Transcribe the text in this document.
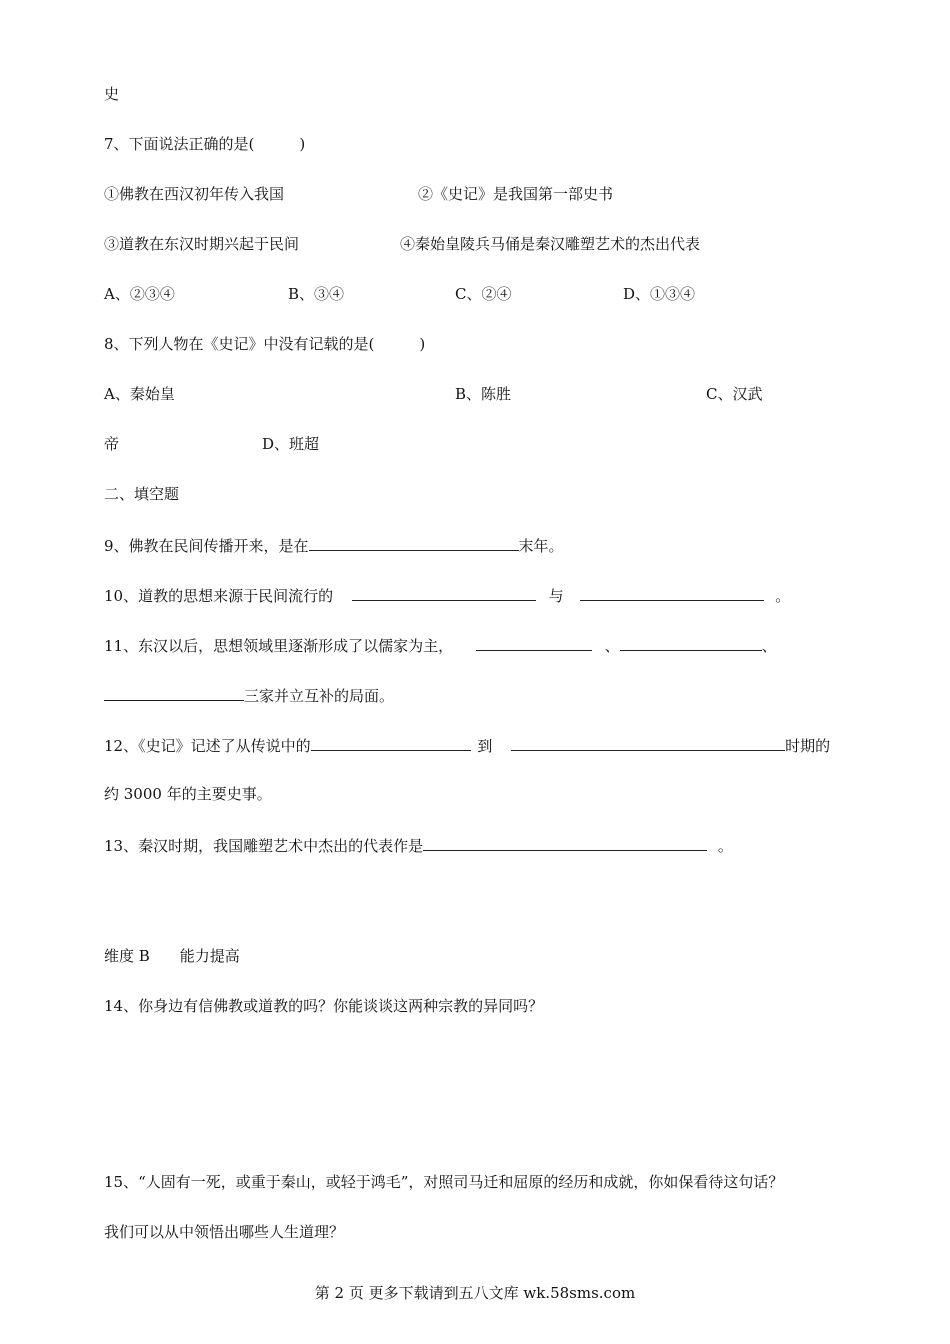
史
7、下面说法正确的是(　　　)
①佛教在西汉初年传入我国	②《史记》是我国第一部史书
③道教在东汉时期兴起于民间	④秦始皇陵兵马俑是秦汉雕塑艺术的杰出代表
A、②③④	B、③④	C、②④	D、①③④
8、下列人物在《史记》中没有记载的是(　　　)
A、秦始皇	B、陈胜	C、汉武
帝	D、班超
二、填空题
9、佛教在民间传播开来，是在	末年。
10、道教的思想来源于民间流行的	与	。
11、东汉以后，思想领域里逐渐形成了以儒家为主，	、	、
三家并立互补的局面。
12、《史记》记述了从传说中的	到	时期的
约 3000 年的主要史事。
13、秦汉时期，我国雕塑艺术中杰出的代表作是	。
维度 B　　能力提高
14、你身边有信佛教或道教的吗？你能谈谈这两种宗教的异同吗？
15、“人固有一死，或重于秦山，或轻于鸿毛”，对照司马迁和屈原的经历和成就，你如保看待这句话？
我们可以从中领悟出哪些人生道理？
第 2 页 更多下载请到五八文库 wk.58sms.com
